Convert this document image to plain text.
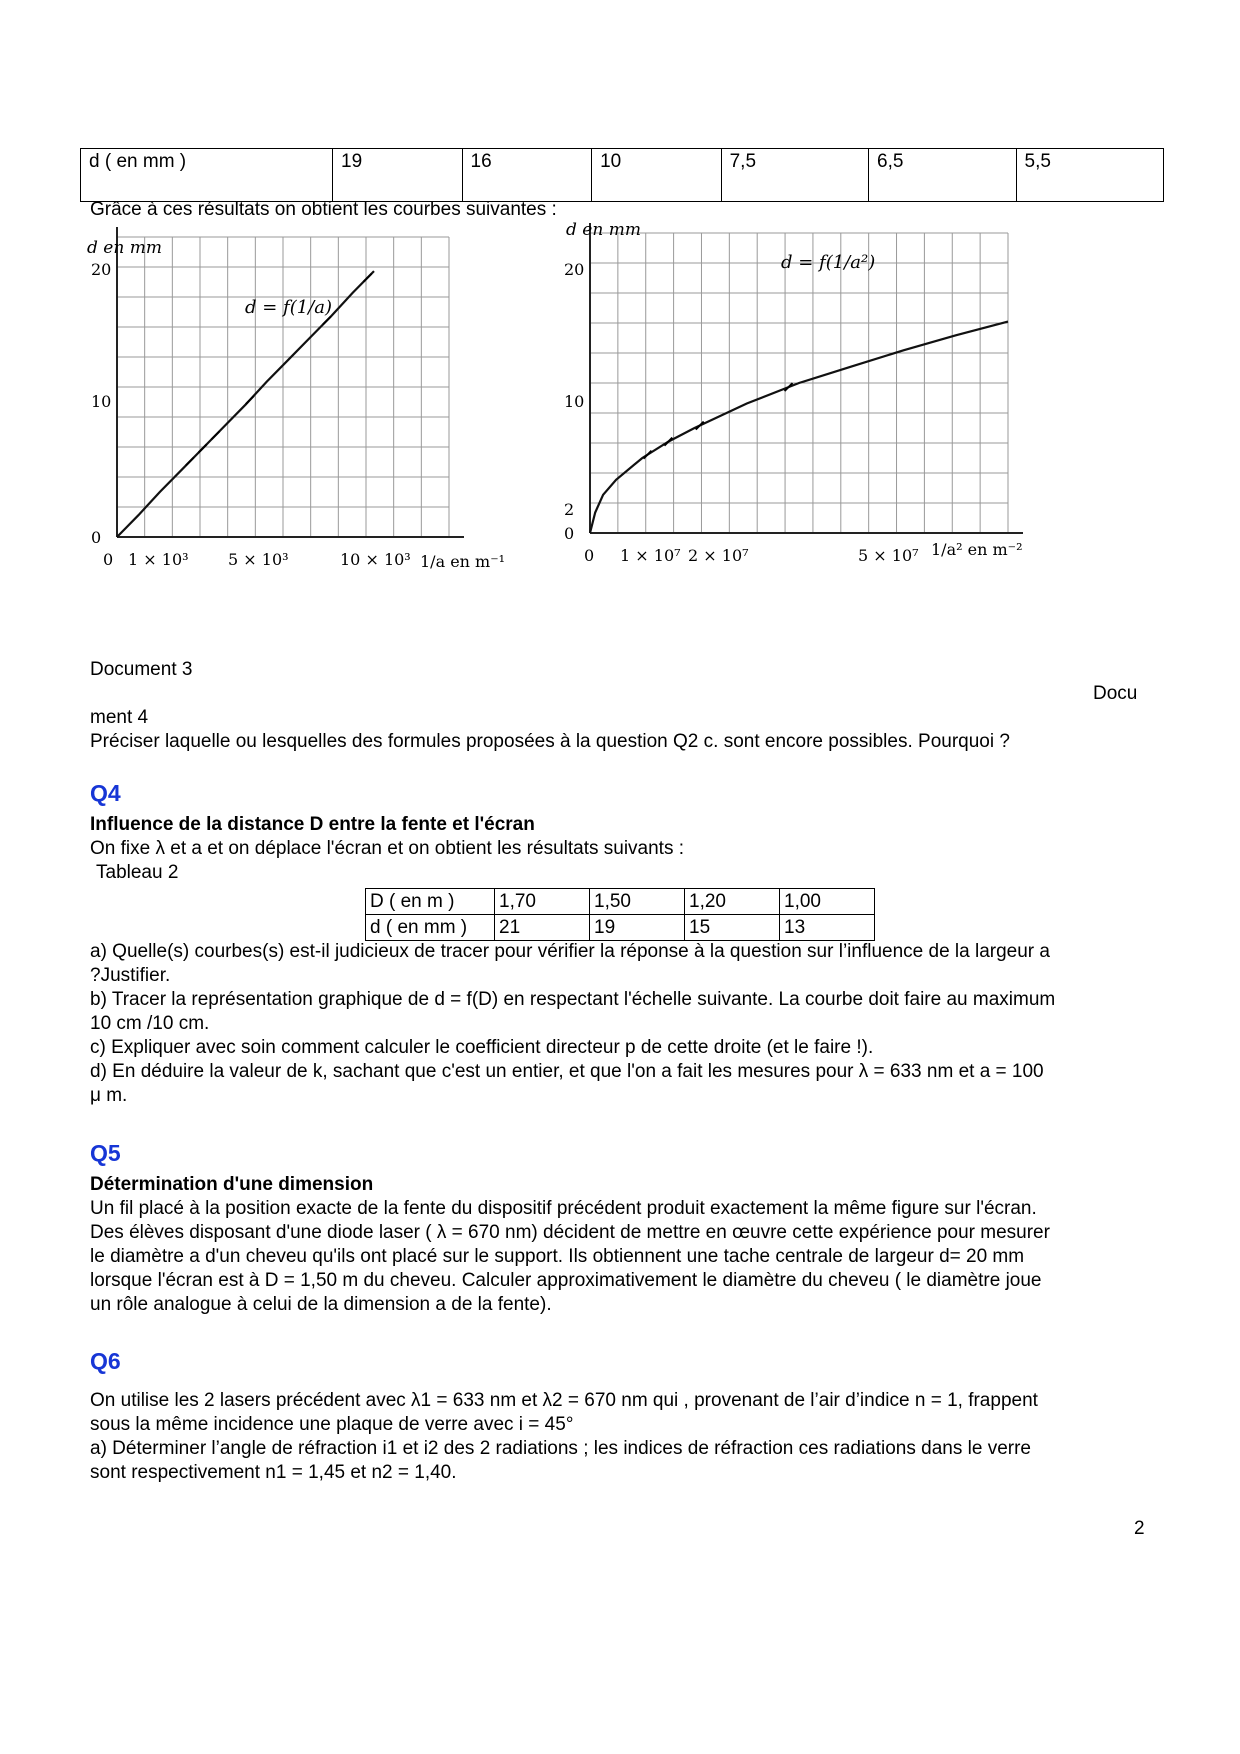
d ( en mm )	19	16	10	7,5	6,5	5,5

Grâce à ces résultats on obtient les courbes suivantes :

d en mm
1/a en m⁻¹
d = f(1/a)
0 1 × 10³ 5 × 10³	10 × 10³
0
10
20
d en mm
1/a² en m⁻²
d = f(1/a²)
0 1 × 10⁷ 2 × 10⁷	5 × 10⁷
0
2
10
20

Document 3

Docu

ment 4

Préciser laquelle ou lesquelles des formules proposées à la question Q2 c. sont encore possibles. Pourquoi ?

Q4

Influence de la distance D entre la fente et l'écran

On fixe λ et a et on déplace l'écran et on obtient les résultats suivants :

Tableau 2

D ( en m )	1,70	1,50	1,20	1,00
d ( en mm )	21	19	15	13

a) Quelle(s) courbes(s) est-il judicieux de tracer pour vérifier la réponse à la question sur l’influence de la largeur a

?Justifier.

b) Tracer la représentation graphique de d = f(D) en respectant l'échelle suivante. La courbe doit faire au maximum

10 cm /10 cm.

c) Expliquer avec soin comment calculer le coefficient directeur p de cette droite (et le faire !).

d) En déduire la valeur de k, sachant que c'est un entier, et que l'on a fait les mesures pour λ = 633 nm et a = 100

μ m.

Q5

Détermination d'une dimension

Un fil placé à la position exacte de la fente du dispositif précédent produit exactement la même figure sur l'écran.

Des élèves disposant d'une diode laser ( λ = 670 nm) décident de mettre en œuvre cette expérience pour mesurer

le diamètre a d'un cheveu qu'ils ont placé sur le support. Ils obtiennent une tache centrale de largeur d= 20 mm

lorsque l'écran est à D = 1,50 m du cheveu. Calculer approximativement le diamètre du cheveu ( le diamètre joue

un rôle analogue à celui de la dimension a de la fente).

Q6

On utilise les 2 lasers précédent avec λ1 = 633 nm et λ2 = 670 nm qui , provenant de l’air d’indice n = 1, frappent

sous la même incidence une plaque de verre avec i = 45°

a) Déterminer l’angle de réfraction i1 et i2 des 2 radiations ; les indices de réfraction ces radiations dans le verre

sont respectivement n1 = 1,45 et n2 = 1,40.

2
